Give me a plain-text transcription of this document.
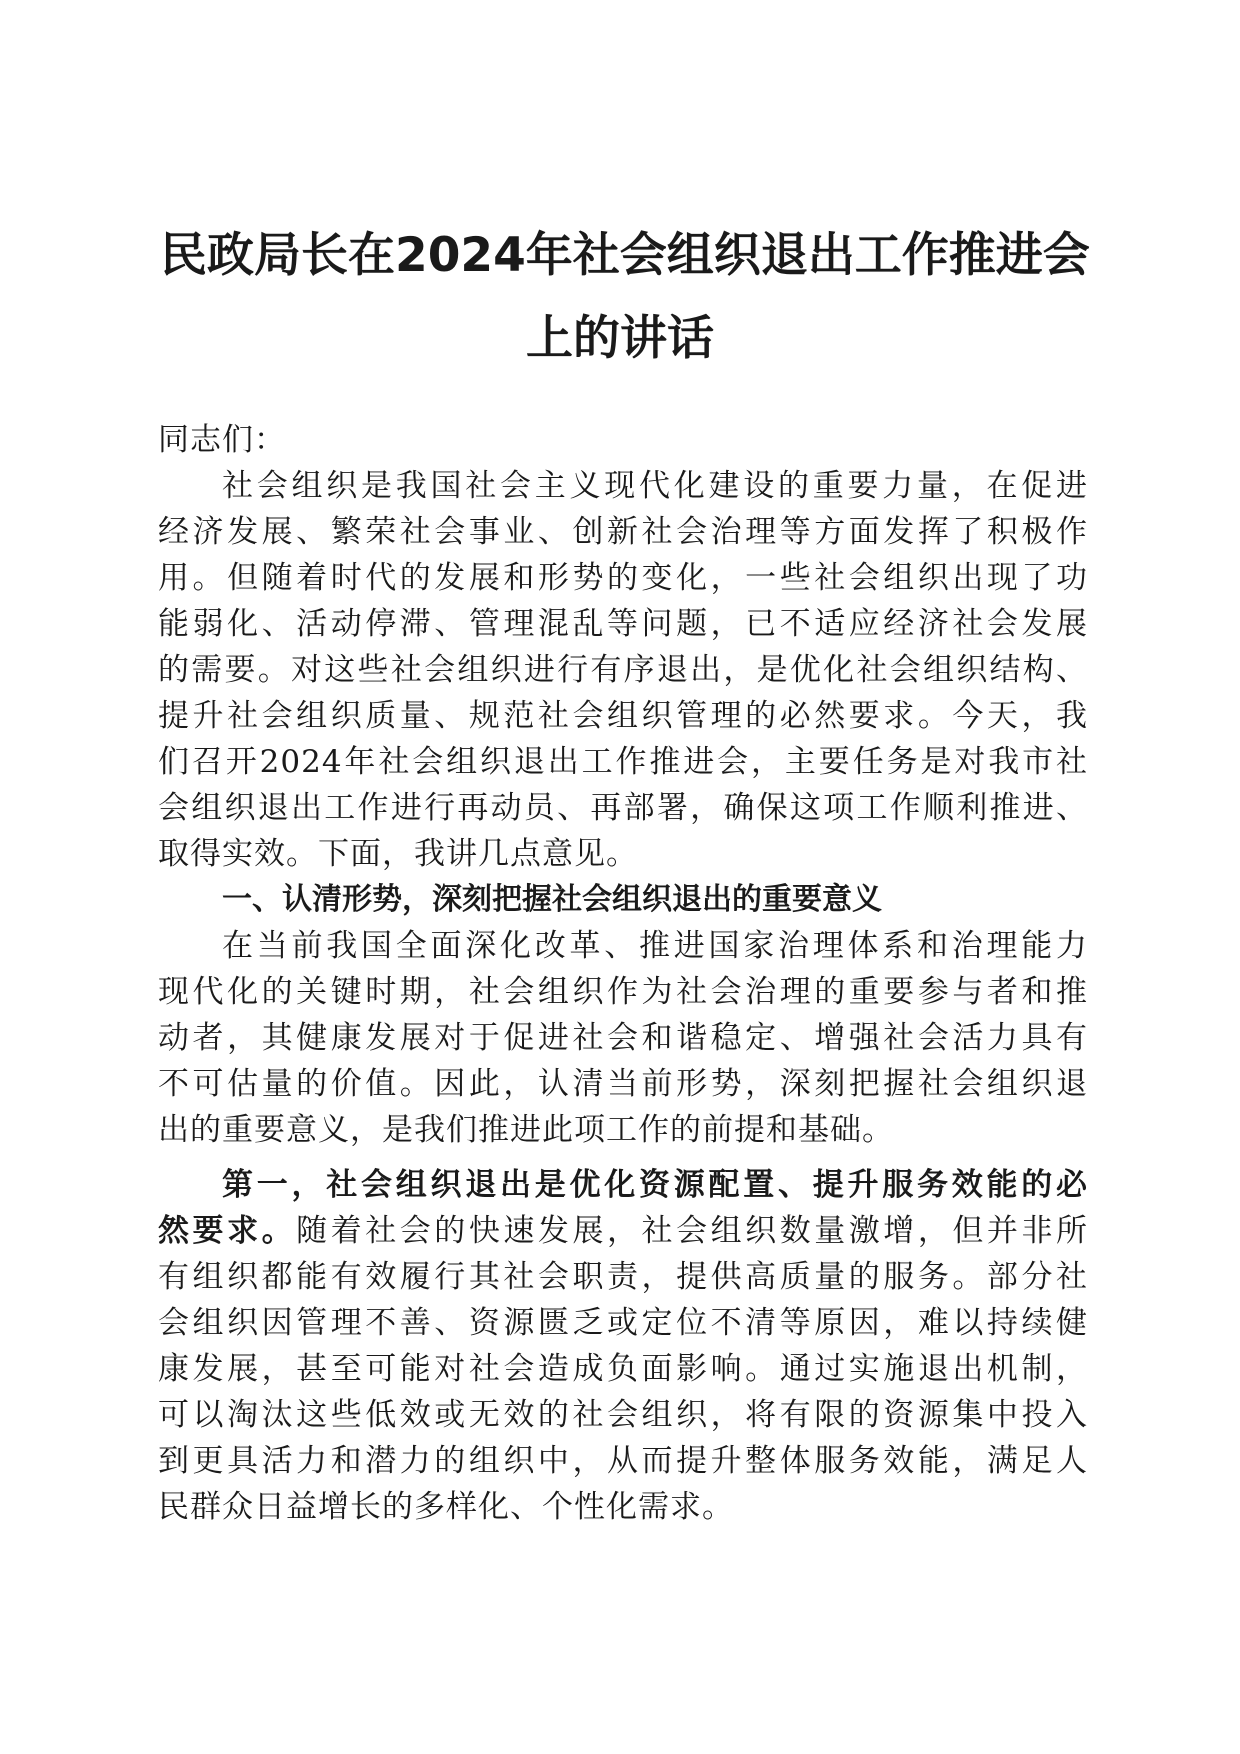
民政局长在2024年社会组织退出工作推进会
上的讲话
同志们：
社会组织是我国社会主义现代化建设的重要力量，在促进
经济发展、繁荣社会事业、创新社会治理等方面发挥了积极作
用。但随着时代的发展和形势的变化，一些社会组织出现了功
能弱化、活动停滞、管理混乱等问题，已不适应经济社会发展
的需要。对这些社会组织进行有序退出，是优化社会组织结构、
提升社会组织质量、规范社会组织管理的必然要求。今天，我
们召开2024年社会组织退出工作推进会，主要任务是对我市社
会组织退出工作进行再动员、再部署，确保这项工作顺利推进、
取得实效。下面，我讲几点意见。
一、认清形势，深刻把握社会组织退出的重要意义
在当前我国全面深化改革、推进国家治理体系和治理能力
现代化的关键时期，社会组织作为社会治理的重要参与者和推
动者，其健康发展对于促进社会和谐稳定、增强社会活力具有
不可估量的价值。因此，认清当前形势，深刻把握社会组织退
出的重要意义，是我们推进此项工作的前提和基础。
第一，社会组织退出是优化资源配置、提升服务效能的必
然要求。随着社会的快速发展，社会组织数量激增，但并非所
有组织都能有效履行其社会职责，提供高质量的服务。部分社
会组织因管理不善、资源匮乏或定位不清等原因，难以持续健
康发展，甚至可能对社会造成负面影响。通过实施退出机制，
可以淘汰这些低效或无效的社会组织，将有限的资源集中投入
到更具活力和潜力的组织中，从而提升整体服务效能，满足人
民群众日益增长的多样化、个性化需求。
